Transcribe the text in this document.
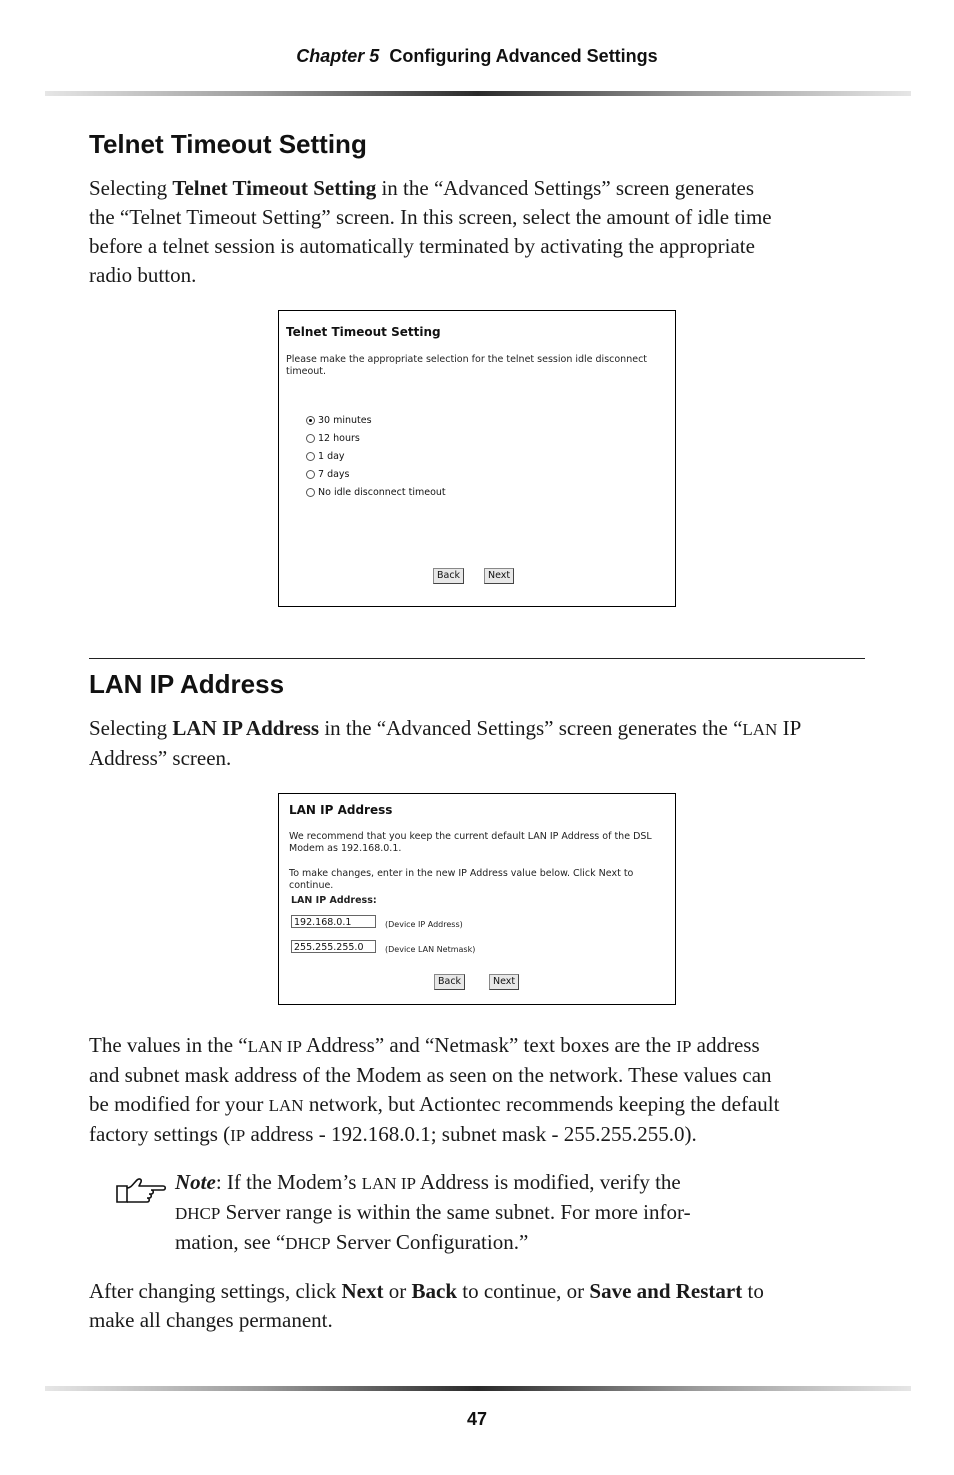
Chapter 5 Configuring Advanced Settings
Telnet Timeout Setting

Selecting Telnet Timeout Setting in the “Advanced Settings” screen generates
the “Telnet Timeout Setting” screen. In this screen, select the amount of idle time
before a telnet session is automatically terminated by activating the appropriate
radio button.

Telnet Timeout Setting
Please make the appropriate selection for the telnet session idle disconnect
timeout.
30 minutes
12 hours
1 day
7 days
No idle disconnect timeout
Back	Next
LAN IP Address

Selecting LAN IP Address in the “Advanced Settings” screen generates the “LAN IP
Address” screen.

LAN IP Address
We recommend that you keep the current default LAN IP Address of the DSL
Modem as 192.168.0.1.
To make changes, enter in the new IP Address value below. Click Next to
continue.
LAN IP Address:
192.168.0.1	(Device IP Address)
255.255.255.0	(Device LAN Netmask)
Back	Next

The values in the “LAN IP Address” and “Netmask” text boxes are the IP address
and subnet mask address of the Modem as seen on the network. These values can
be modified for your LAN network, but Actiontec recommends keeping the default
factory settings (IP address - 192.168.0.1; subnet mask - 255.255.255.0).

Note: If the Modem’s LAN IP Address is modified, verify the
DHCP Server range is within the same subnet. For more infor-
mation, see “DHCP Server Configuration.”

After changing settings, click Next or Back to continue, or Save and Restart to
make all changes permanent.

47
